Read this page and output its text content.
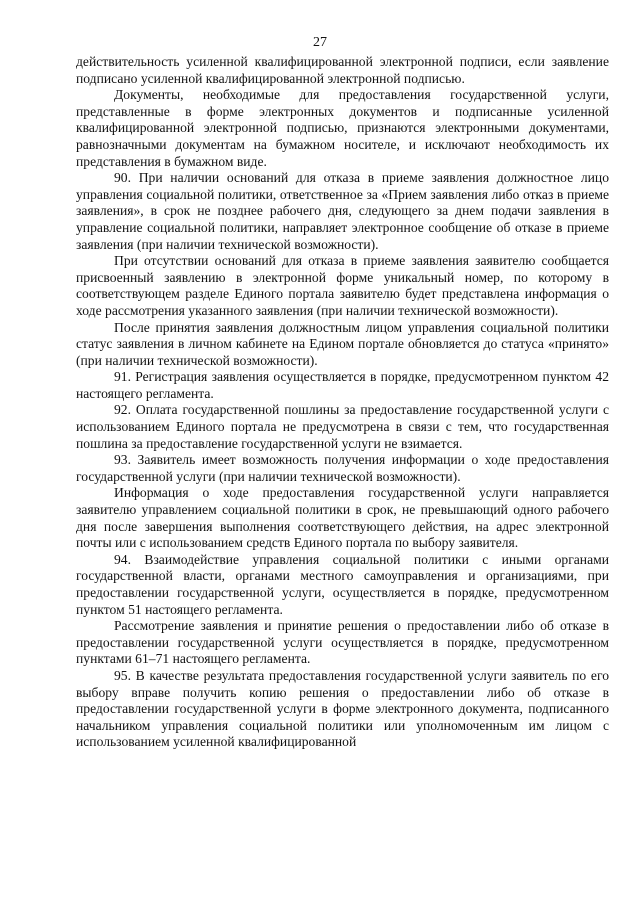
27

действительность усиленной квалифицированной электронной подписи, если заявление подписано усиленной квалифицированной электронной подписью.

Документы, необходимые для предоставления государственной услуги, представленные в форме электронных документов и подписанные усиленной квалифицированной электронной подписью, признаются электронными документами, равнозначными документам на бумажном носителе, и исключают необходимость их представления в бумажном виде.

90. При наличии оснований для отказа в приеме заявления должностное лицо управления социальной политики, ответственное за «Прием заявления либо отказ в приеме заявления», в срок не позднее рабочего дня, следующего за днем подачи заявления в управление социальной политики, направляет электронное сообщение об отказе в приеме заявления (при наличии технической возможности).

При отсутствии оснований для отказа в приеме заявления заявителю сообщается присвоенный заявлению в электронной форме уникальный номер, по которому в соответствующем разделе Единого портала заявителю будет представлена информация о ходе рассмотрения указанного заявления (при наличии технической возможности).

После принятия заявления должностным лицом управления социальной политики статус заявления в личном кабинете на Едином портале обновляется до статуса «принято» (при наличии технической возможности).

91. Регистрация заявления осуществляется в порядке, предусмотренном пунктом 42 настоящего регламента.

92. Оплата государственной пошлины за предоставление государственной услуги с использованием Единого портала не предусмотрена в связи с тем, что государственная пошлина за предоставление государственной услуги не взимается.

93. Заявитель имеет возможность получения информации о ходе предоставления государственной услуги (при наличии технической возможности).

Информация о ходе предоставления государственной услуги направляется заявителю управлением социальной политики в срок, не превышающий одного рабочего дня после завершения выполнения соответствующего действия, на адрес электронной почты или с использованием средств Единого портала по выбору заявителя.

94. Взаимодействие управления социальной политики с иными органами государственной власти, органами местного самоуправления и организациями, при предоставлении государственной услуги, осуществляется в порядке, предусмотренном пунктом 51 настоящего регламента.

Рассмотрение заявления и принятие решения о предоставлении либо об отказе в предоставлении государственной услуги осуществляется в порядке, предусмотренном пунктами 61–71 настоящего регламента.

95. В качестве результата предоставления государственной услуги заявитель по его выбору вправе получить копию решения о предоставлении либо об отказе в предоставлении государственной услуги в форме электронного документа, подписанного начальником управления социальной политики или уполномоченным им лицом с использованием усиленной квалифицированной
